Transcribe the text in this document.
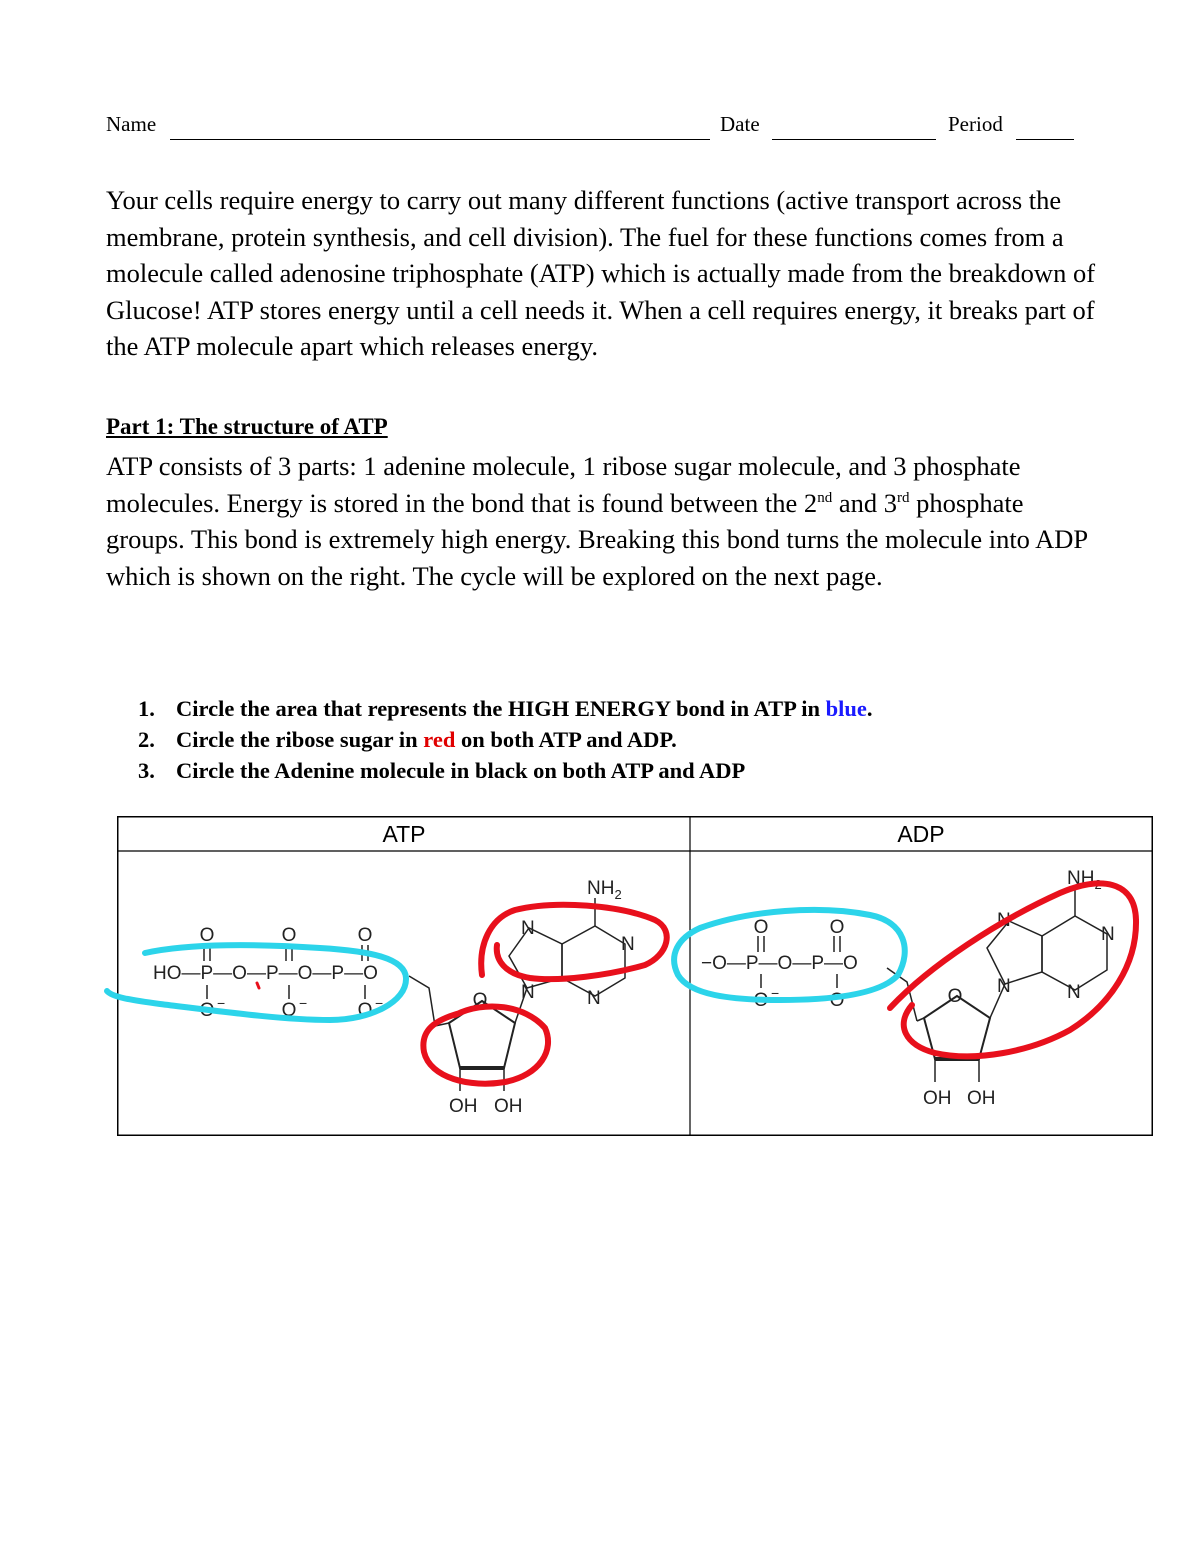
Name	Date	Period

Your cells require energy to carry out many different functions (active transport across the membrane, protein synthesis, and cell division). The fuel for these functions comes from a molecule called adenosine triphosphate (ATP) which is actually made from the breakdown of Glucose! ATP stores energy until a cell needs it. When a cell requires energy, it breaks part of the ATP molecule apart which releases energy.

Part 1: The structure of ATP

ATP consists of 3 parts: 1 adenine molecule, 1 ribose sugar molecule, and 3 phosphate molecules. Energy is stored in the bond that is found between the 2nd and 3rd phosphate groups. This bond is extremely high energy. Breaking this bond turns the molecule into ADP which is shown on the right. The cycle will be explored on the next page.

1. Circle the area that represents the HIGH ENERGY bond in ATP in blue.
2. Circle the ribose sugar in red on both ATP and ADP.
3. Circle the Adenine molecule in black on both ATP and ADP
ATP	ADP
HO—P—O—P—O—P—O
O	O	O
O	O	O
−	−	−	O
OH OH
$NH_2$
N
N
N
N
−O—P—O—P—O
O	O
O	O
−	−	O
OH OH
$NH_2$
N
N
N
N
